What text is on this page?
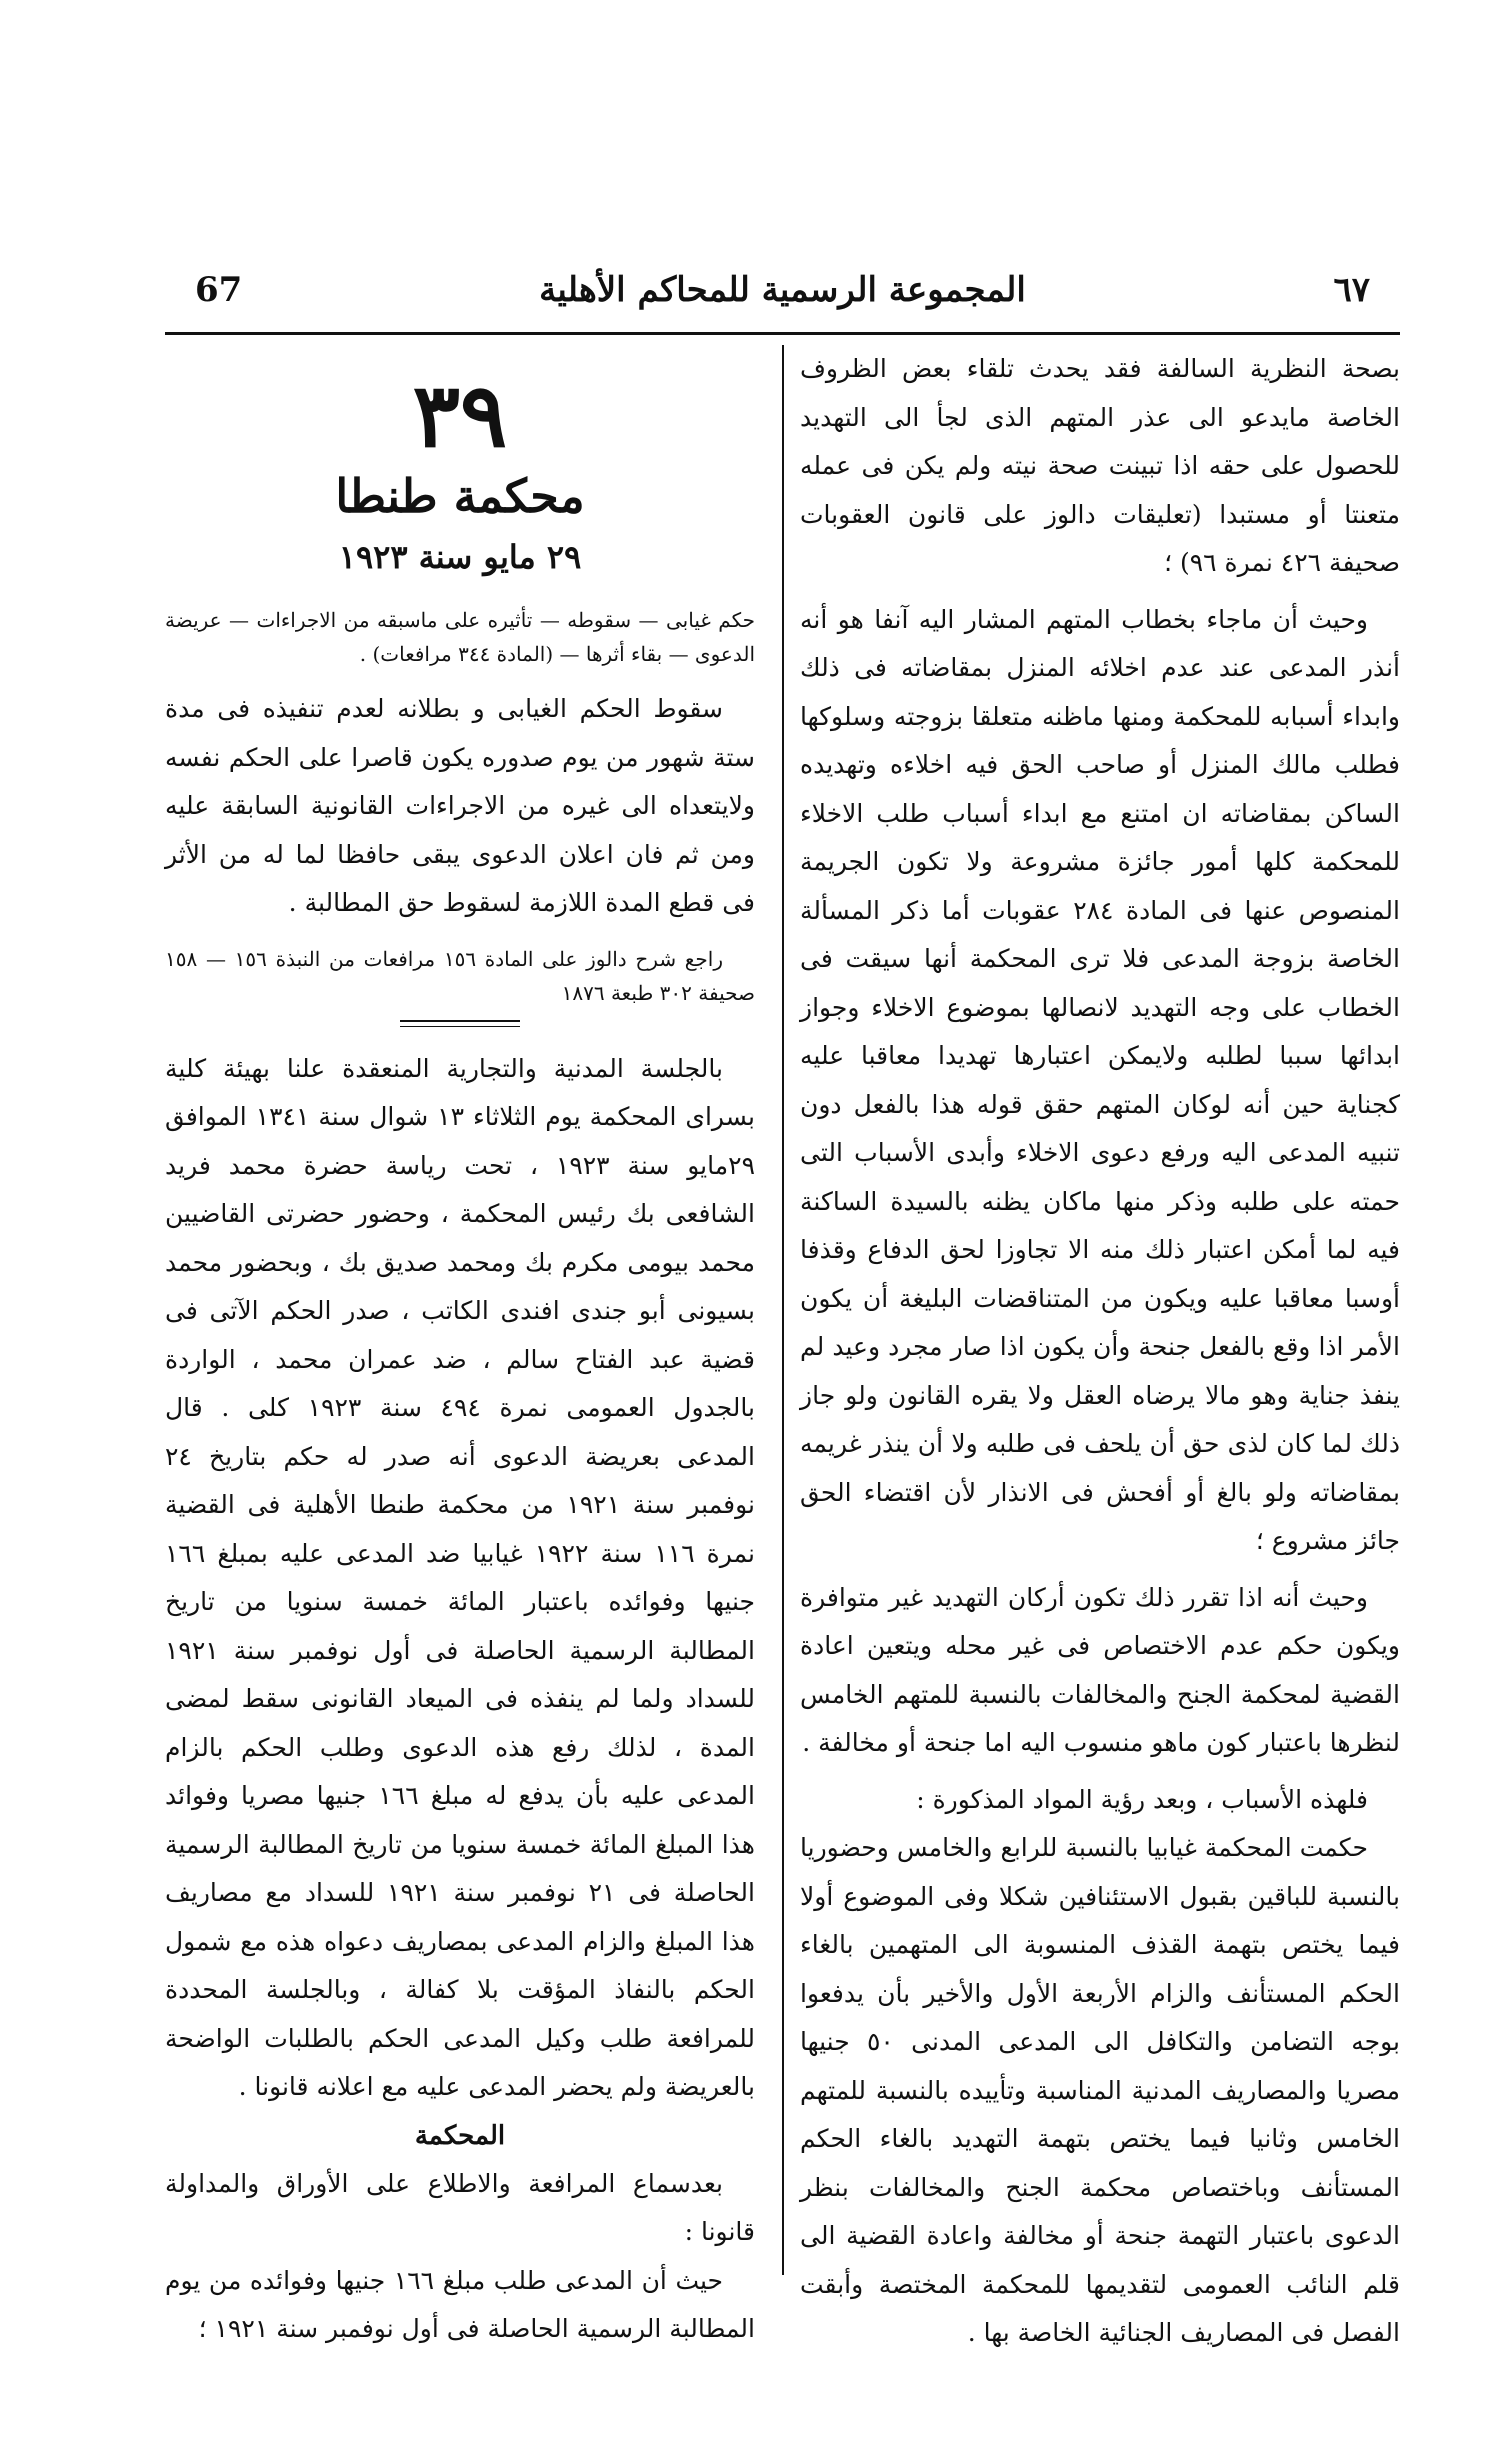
67	المجموعة الرسمية للمحاكم الأهلية	٦٧

بصحة النظرية السالفة فقد يحدث تلقاء بعض الظروف الخاصة مايدعو الى عذر المتهم الذى لجأ الى التهديد للحصول على حقه اذا تبينت صحة نيته ولم يكن فى عمله متعنتا أو مستبدا (تعليقات دالوز على قانون العقوبات صحيفة ٤٢٦ نمرة ٩٦) ؛

وحيث أن ماجاء بخطاب المتهم المشار اليه آنفا هو أنه أنذر المدعى عند عدم اخلائه المنزل بمقاضاته فى ذلك وابداء أسبابه للمحكمة ومنها ماظنه متعلقا بزوجته وسلوكها فطلب مالك المنزل أو صاحب الحق فيه اخلاءه وتهديده الساكن بمقاضاته ان امتنع مع ابداء أسباب طلب الاخلاء للمحكمة كلها أمور جائزة مشروعة ولا تكون الجريمة المنصوص عنها فى المادة ٢٨٤ عقوبات أما ذكر المسألة الخاصة بزوجة المدعى فلا ترى المحكمة أنها سيقت فى الخطاب على وجه التهديد لانصالها بموضوع الاخلاء وجواز ابدائها سببا لطلبه ولايمكن اعتبارها تهديدا معاقبا عليه كجناية حين أنه لوكان المتهم حقق قوله هذا بالفعل دون تنبيه المدعى اليه ورفع دعوى الاخلاء وأبدى الأسباب التى حمته على طلبه وذكر منها ماكان يظنه بالسيدة الساكنة فيه لما أمكن اعتبار ذلك منه الا تجاوزا لحق الدفاع وقذفا أوسبا معاقبا عليه ويكون من المتناقضات البليغة أن يكون الأمر اذا وقع بالفعل جنحة وأن يكون اذا صار مجرد وعيد لم ينفذ جناية وهو مالا يرضاه العقل ولا يقره القانون ولو جاز ذلك لما كان لذى حق أن يلحف فى طلبه ولا أن ينذر غريمه بمقاضاته ولو بالغ أو أفحش فى الانذار لأن اقتضاء الحق جائز مشروع ؛

وحيث أنه اذا تقرر ذلك تكون أركان التهديد غير متوافرة ويكون حكم عدم الاختصاص فى غير محله ويتعين اعادة القضية لمحكمة الجنح والمخالفات بالنسبة للمتهم الخامس لنظرها باعتبار كون ماهو منسوب اليه اما جنحة أو مخالفة .

فلهذه الأسباب ، وبعد رؤية المواد المذكورة :

حكمت المحكمة غيابيا بالنسبة للرابع والخامس وحضوريا بالنسبة للباقين بقبول الاستئنافين شكلا وفى الموضوع أولا فيما يختص بتهمة القذف المنسوبة الى المتهمين بالغاء الحكم المستأنف والزام الأربعة الأول والأخير بأن يدفعوا بوجه التضامن والتكافل الى المدعى المدنى ٥٠ جنيها مصريا والمصاريف المدنية المناسبة وتأييده بالنسبة للمتهم الخامس وثانيا فيما يختص بتهمة التهديد بالغاء الحكم المستأنف وباختصاص محكمة الجنح والمخالفات بنظر الدعوى باعتبار التهمة جنحة أو مخالفة واعادة القضية الى قلم النائب العمومى لتقديمها للمحكمة المختصة وأبقت الفصل فى المصاريف الجنائية الخاصة بها .

٣٩
محكمة طنطا
٢٩ مايو سنة ١٩٢٣

حكم غيابى — سقوطه — تأثيره على ماسبقه من الاجراءات — عريضة الدعوى — بقاء أثرها — (المادة ٣٤٤ مرافعات) .

سقوط الحكم الغيابى و بطلانه لعدم تنفيذه فى مدة ستة شهور من يوم صدوره يكون قاصرا على الحكم نفسه ولايتعداه الى غيره من الاجراءات القانونية السابقة عليه ومن ثم فان اعلان الدعوى يبقى حافظا لما له من الأثر فى قطع المدة اللازمة لسقوط حق المطالبة .

راجع شرح دالوز على المادة ١٥٦ مرافعات من النبذة ١٥٦ — ١٥٨ صحيفة ٣٠٢ طبعة ١٨٧٦

بالجلسة المدنية والتجارية المنعقدة علنا بهيئة كلية بسراى المحكمة يوم الثلاثاء ١٣ شوال سنة ١٣٤١ الموافق ٢٩مايو سنة ١٩٢٣ ، تحت رياسة حضرة محمد فريد الشافعى بك رئيس المحكمة ، وحضور حضرتى القاضيين محمد بيومى مكرم بك ومحمد صديق بك ، وبحضور محمد بسيونى أبو جندى افندى الكاتب ، صدر الحكم الآتى فى قضية عبد الفتاح سالم ، ضد عمران محمد ، الواردة بالجدول العمومى نمرة ٤٩٤ سنة ١٩٢٣ كلى . قال المدعى بعريضة الدعوى أنه صدر له حكم بتاريخ ٢٤ نوفمبر سنة ١٩٢١ من محكمة طنطا الأهلية فى القضية نمرة ١١٦ سنة ١٩٢٢ غيابيا ضد المدعى عليه بمبلغ ١٦٦ جنيها وفوائده باعتبار المائة خمسة سنويا من تاريخ المطالبة الرسمية الحاصلة فى أول نوفمبر سنة ١٩٢١ للسداد ولما لم ينفذه فى الميعاد القانونى سقط لمضى المدة ، لذلك رفع هذه الدعوى وطلب الحكم بالزام المدعى عليه بأن يدفع له مبلغ ١٦٦ جنيها مصريا وفوائد هذا المبلغ المائة خمسة سنويا من تاريخ المطالبة الرسمية الحاصلة فى ٢١ نوفمبر سنة ١٩٢١ للسداد مع مصاريف هذا المبلغ والزام المدعى بمصاريف دعواه هذه مع شمول الحكم بالنفاذ المؤقت بلا كفالة ، وبالجلسة المحددة للمرافعة طلب وكيل المدعى الحكم بالطلبات الواضحة بالعريضة ولم يحضر المدعى عليه مع اعلانه قانونا .

المحكمة

بعدسماع المرافعة والاطلاع على الأوراق والمداولة قانونا :

حيث أن المدعى طلب مبلغ ١٦٦ جنيها وفوائده من يوم المطالبة الرسمية الحاصلة فى أول نوفمبر سنة ١٩٢١ ؛
